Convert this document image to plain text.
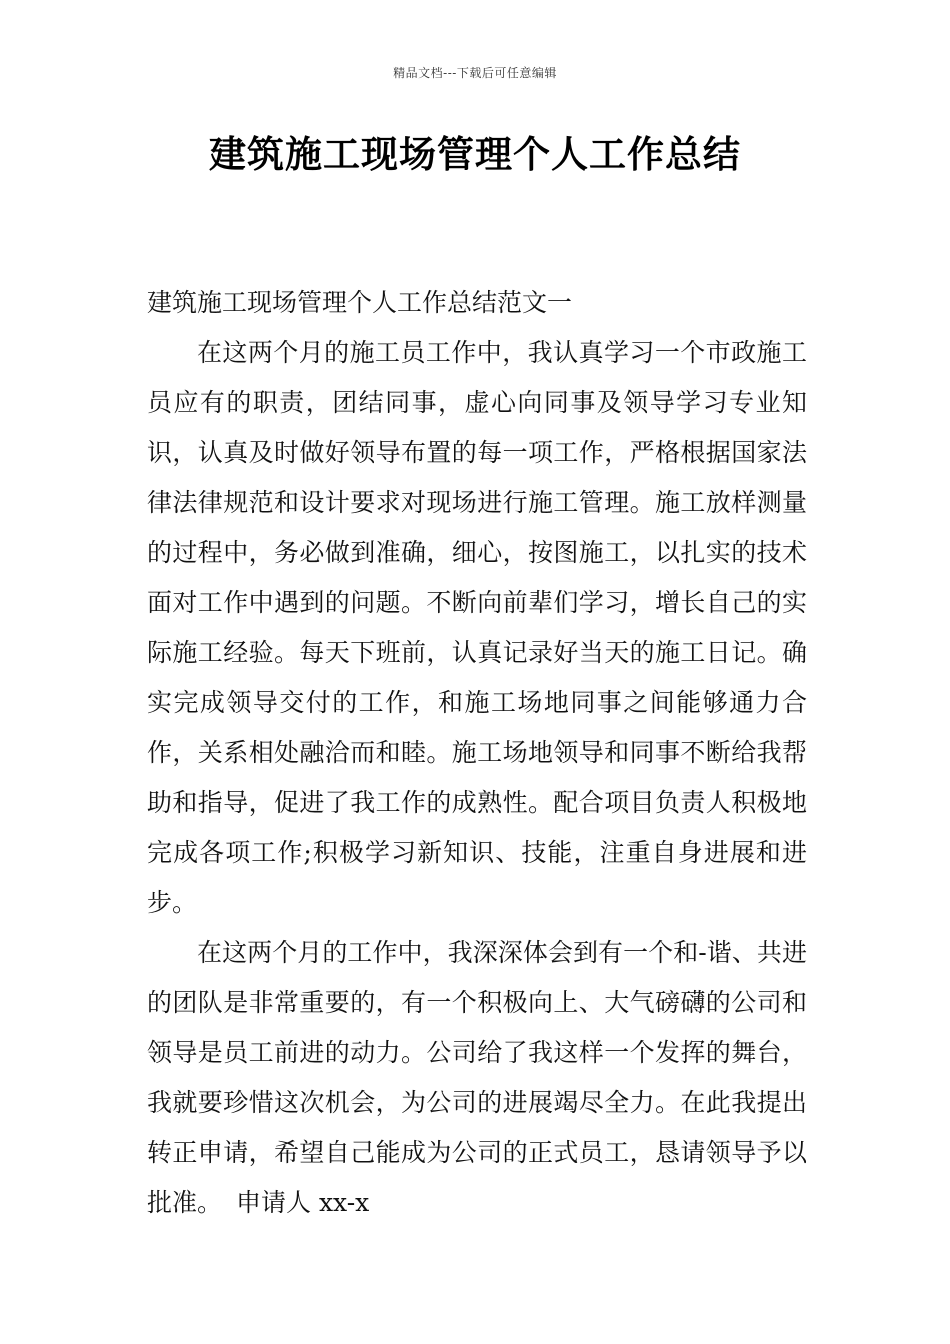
精品文档---下载后可任意编辑
建筑施工现场管理个人工作总结

建筑施工现场管理个人工作总结范文一

在这两个月的施工员工作中，我认真学习一个市政施工员应有的职责，团结同事，虚心向同事及领导学习专业知识，认真及时做好领导布置的每一项工作，严格根据国家法律法律规范和设计要求对现场进行施工管理。施工放样测量的过程中，务必做到准确，细心，按图施工，以扎实的技术面对工作中遇到的问题。不断向前辈们学习，增长自己的实际施工经验。每天下班前，认真记录好当天的施工日记。确实完成领导交付的工作，和施工场地同事之间能够通力合作，关系相处融洽而和睦。施工场地领导和同事不断给我帮助和指导，促进了我工作的成熟性。配合项目负责人积极地完成各项工作;积极学习新知识、技能，注重自身进展和进步。

在这两个月的工作中，我深深体会到有一个和-谐、共进的团队是非常重要的，有一个积极向上、大气磅礴的公司和领导是员工前进的动力。公司给了我这样一个发挥的舞台，我就要珍惜这次机会，为公司的进展竭尽全力。在此我提出转正申请，希望自己能成为公司的正式员工，恳请领导予以批准。 申请人 xx-x
